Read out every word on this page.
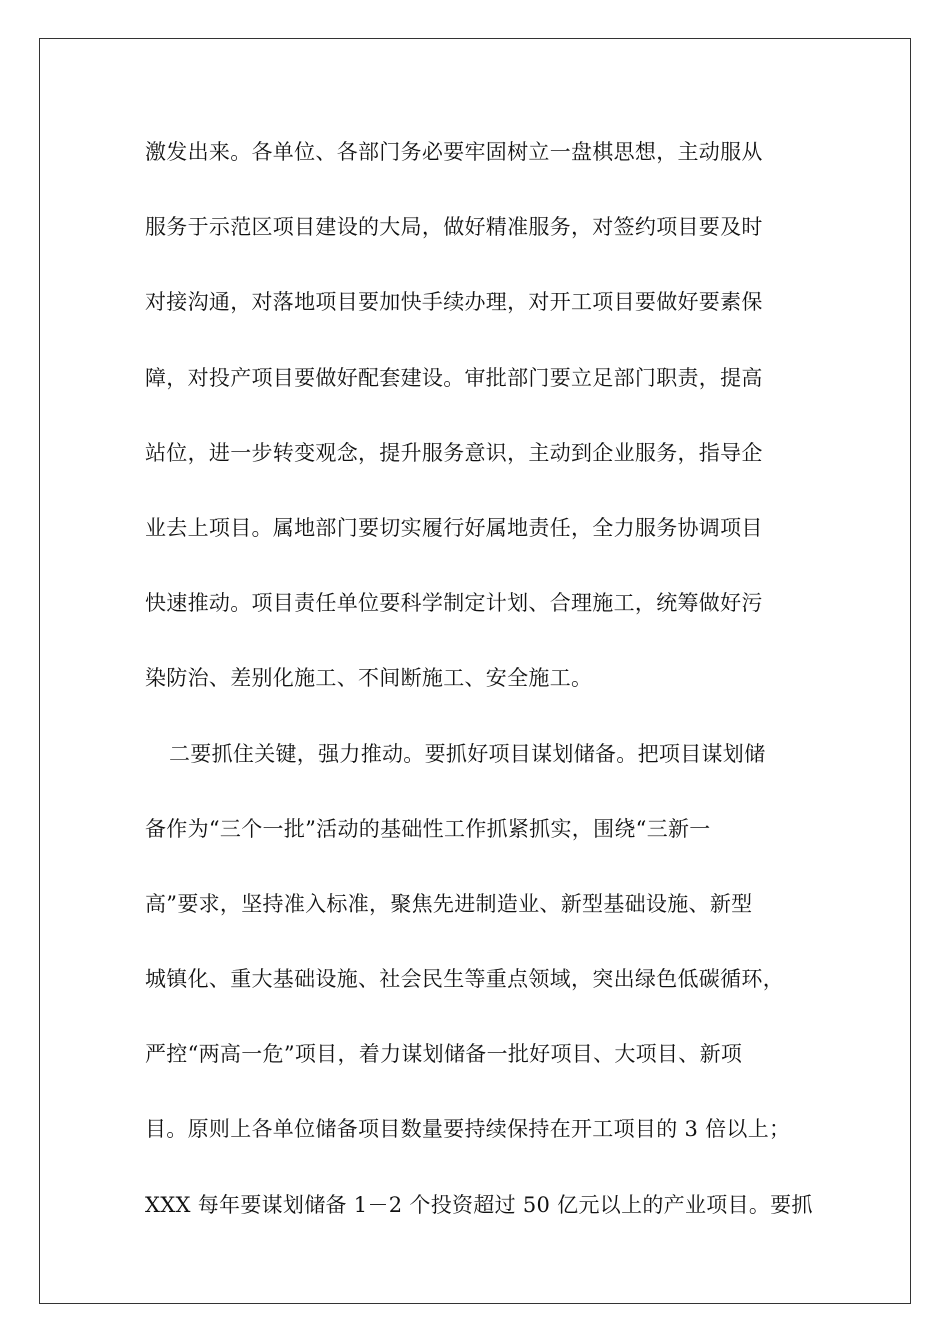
激发出来。各单位、各部门务必要牢固树立一盘棋思想，主动服从
服务于示范区项目建设的大局，做好精准服务，对签约项目要及时
对接沟通，对落地项目要加快手续办理，对开工项目要做好要素保
障，对投产项目要做好配套建设。审批部门要立足部门职责，提高
站位，进一步转变观念，提升服务意识，主动到企业服务，指导企
业去上项目。属地部门要切实履行好属地责任，全力服务协调项目
快速推动。项目责任单位要科学制定计划、合理施工，统筹做好污
染防治、差别化施工、不间断施工、安全施工。
二要抓住关键，强力推动。要抓好项目谋划储备。把项目谋划储
备作为“三个一批”活动的基础性工作抓紧抓实，围绕“三新一
高”要求，坚持准入标准，聚焦先进制造业、新型基础设施、新型
城镇化、重大基础设施、社会民生等重点领域，突出绿色低碳循环，
严控“两高一危”项目，着力谋划储备一批好项目、大项目、新项
目。原则上各单位储备项目数量要持续保持在开工项目的 3 倍以上；
XXX 每年要谋划储备 1－2 个投资超过 50 亿元以上的产业项目。要抓
